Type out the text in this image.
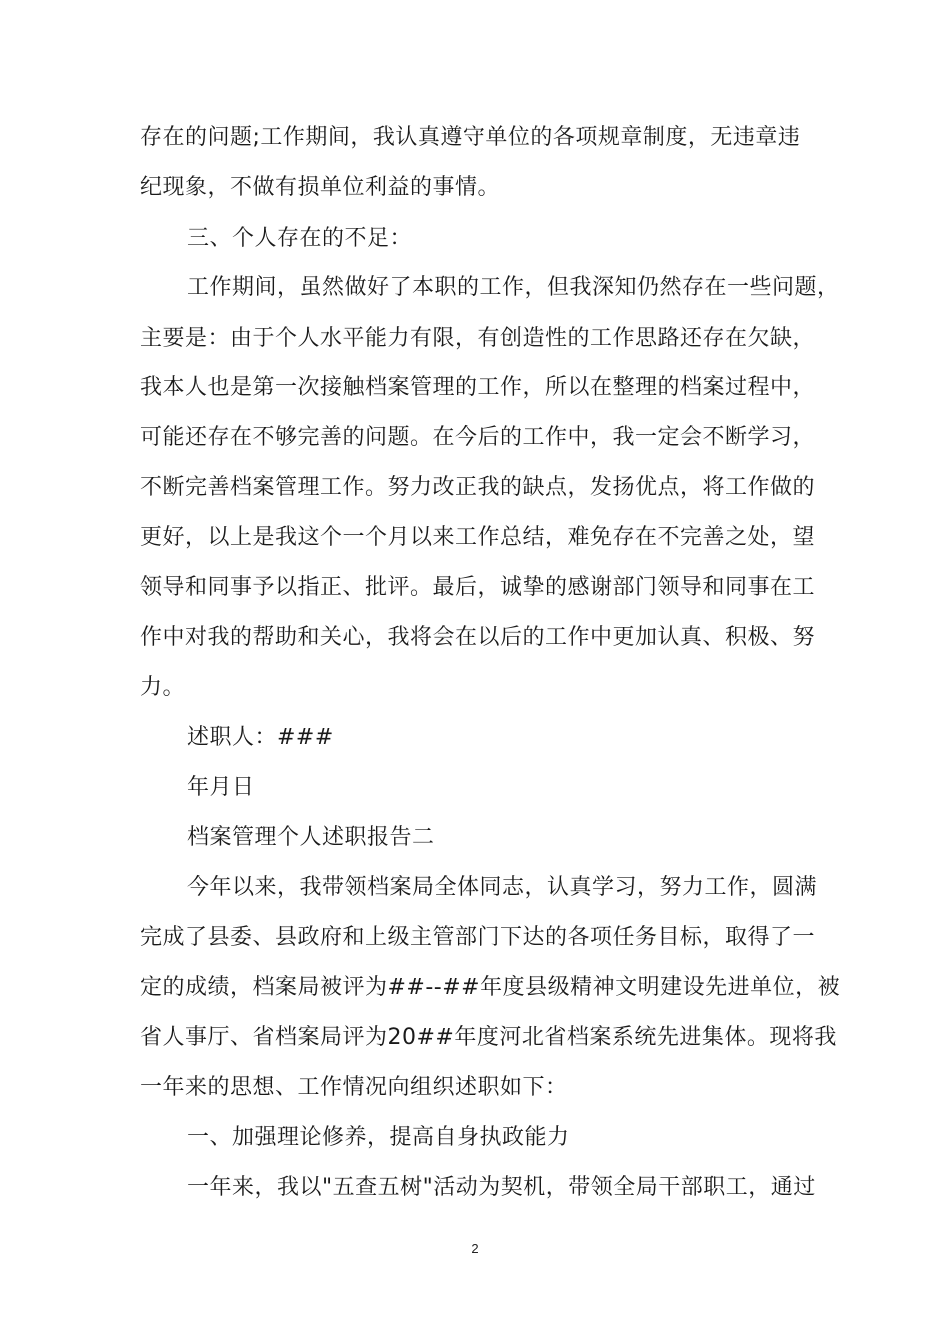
存在的问题;工作期间，我认真遵守单位的各项规章制度，无违章违
纪现象，不做有损单位利益的事情。
三、个人存在的不足：
工作期间，虽然做好了本职的工作，但我深知仍然存在一些问题，
主要是：由于个人水平能力有限，有创造性的工作思路还存在欠缺，
我本人也是第一次接触档案管理的工作，所以在整理的档案过程中，
可能还存在不够完善的问题。在今后的工作中，我一定会不断学习，
不断完善档案管理工作。努力改正我的缺点，发扬优点，将工作做的
更好，以上是我这个一个月以来工作总结，难免存在不完善之处，望
领导和同事予以指正、批评。最后，诚挚的感谢部门领导和同事在工
作中对我的帮助和关心，我将会在以后的工作中更加认真、积极、努
力。
述职人：###
年月日
档案管理个人述职报告二
今年以来，我带领档案局全体同志，认真学习，努力工作，圆满
完成了县委、县政府和上级主管部门下达的各项任务目标，取得了一
定的成绩，档案局被评为##--##年度县级精神文明建设先进单位，被
省人事厅、省档案局评为20##年度河北省档案系统先进集体。现将我
一年来的思想、工作情况向组织述职如下：
一、加强理论修养，提高自身执政能力
一年来，我以"五查五树"活动为契机，带领全局干部职工，通过
2
